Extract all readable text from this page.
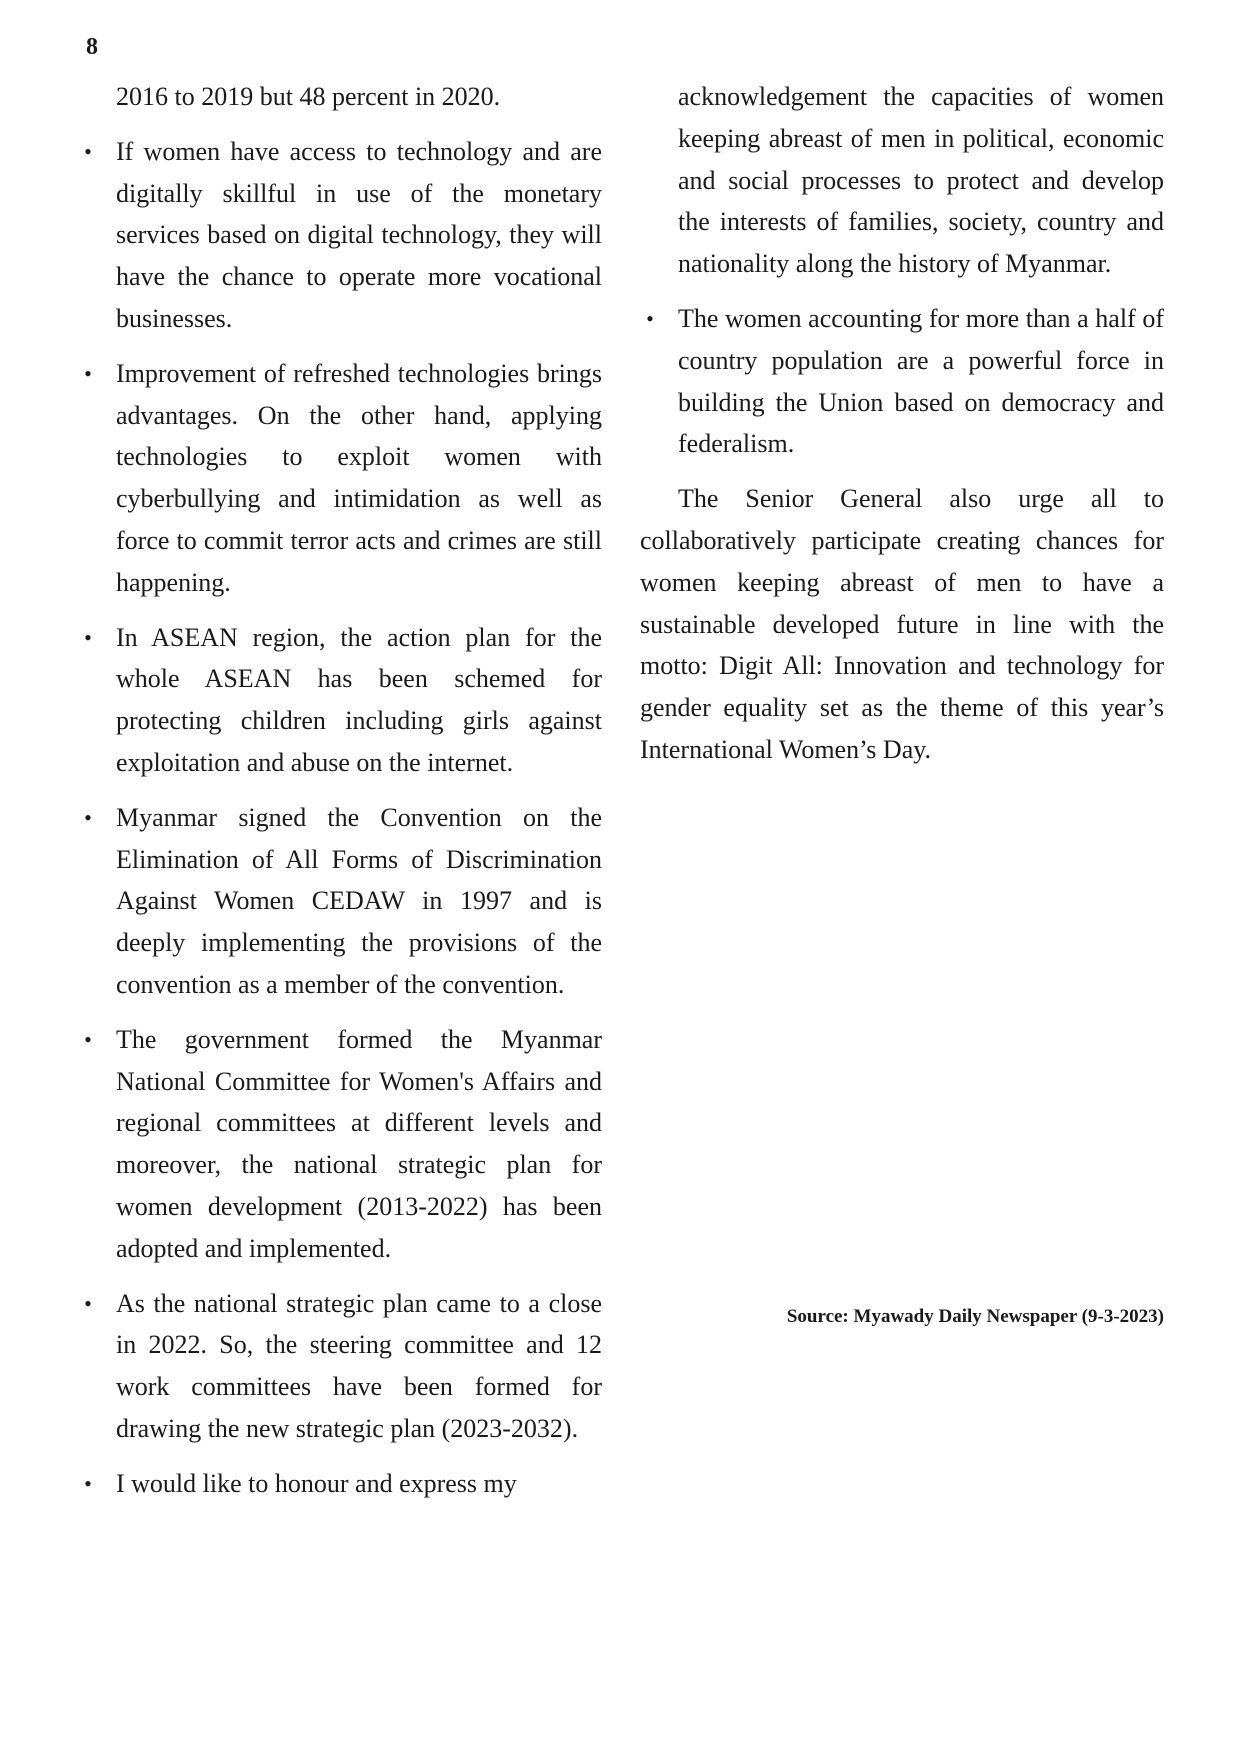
8
2016 to 2019 but 48 percent in 2020.
• If women have access to technology and are digitally skillful in use of the monetary services based on digital technology, they will have the chance to operate more vocational businesses.
• Improvement of refreshed technologies brings advantages. On the other hand, applying technologies to exploit women with cyberbullying and intimidation as well as force to commit terror acts and crimes are still happening.
• In ASEAN region, the action plan for the whole ASEAN has been schemed for protecting children including girls against exploitation and abuse on the internet.
• Myanmar signed the Convention on the Elimination of All Forms of Discrimination Against Women CEDAW in 1997 and is deeply implementing the provisions of the convention as a member of the convention.
• The government formed the Myanmar National Committee for Women's Affairs and regional committees at different levels and moreover, the national strategic plan for women development (2013-2022) has been adopted and implemented.
• As the national strategic plan came to a close in 2022. So, the steering committee and 12 work committees have been formed for drawing the new strategic plan (2023-2032).
• I would like to honour and express my
acknowledgement the capacities of women keeping abreast of men in political, economic and social processes to protect and develop the interests of families, society, country and nationality along the history of Myanmar.
• The women accounting for more than a half of country population are a powerful force in building the Union based on democracy and federalism.

The Senior General also urge all to collaboratively participate creating chances for women keeping abreast of men to have a sustainable developed future in line with the motto: Digit All: Innovation and technology for gender equality set as the theme of this year’s International Women’s Day.

Source: Myawady Daily Newspaper (9-3-2023)
